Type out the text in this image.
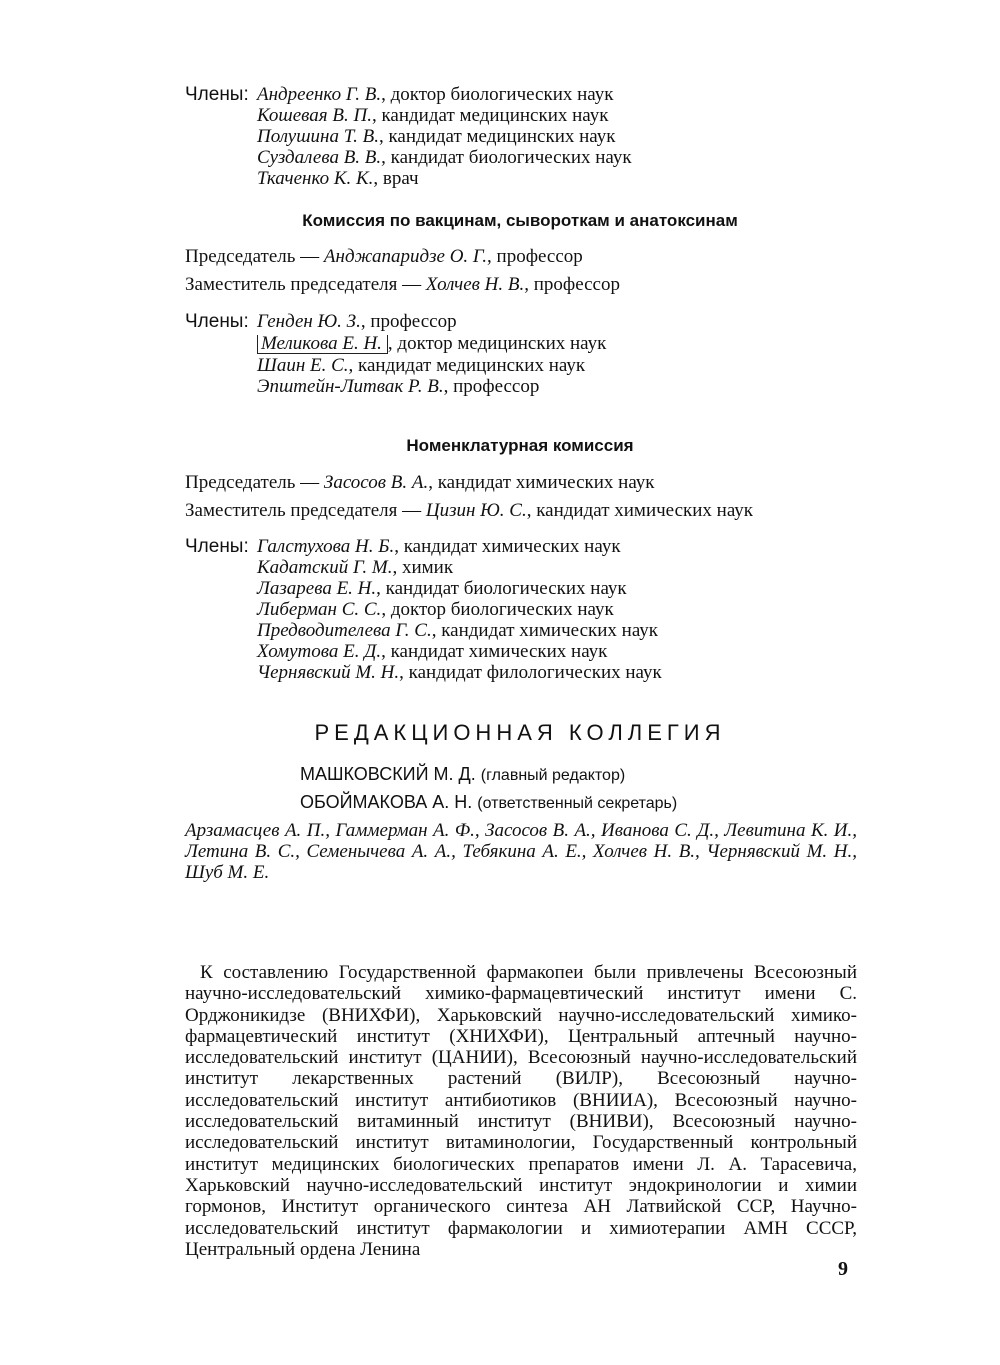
Члены: Андреенко Г. В., доктор биологических наук
Кошевая В. П., кандидат медицинских наук
Полушина Т. В., кандидат медицинских наук
Суздалева В. В., кандидат биологических наук
Ткаченко К. К., врач
Комиссия по вакцинам, сывороткам и анатоксинам
Председатель — Анджапаридзе О. Г., профессор
Заместитель председателя — Холчев Н. В., профессор
Члены: Генден Ю. З., профессор
Меликова Е. Н. , доктор медицинских наук
Шаин Е. С., кандидат медицинских наук
Эпштейн-Литвак Р. В., профессор
Номенклатурная комиссия
Председатель — Засосов В. А., кандидат химических наук
Заместитель председателя — Цизин Ю. С., кандидат химических наук
Члены: Галстухова Н. Б., кандидат химических наук
Кадатский Г. М., химик
Лазарева Е. Н., кандидат биологических наук
Либерман С. С., доктор биологических наук
Предводителева Г. С., кандидат химических наук
Хомутова Е. Д., кандидат химических наук
Чернявский М. Н., кандидат филологических наук
РЕДАКЦИОННАЯ КОЛЛЕГИЯ
МАШКОВСКИЙ М. Д. (главный редактор)
ОБОЙМАКОВА А. Н. (ответственный секретарь)
Арзамасцев А. П., Гаммерман А. Ф., Засосов В. А., Иванова С. Д., Левитина К. И., Летина В. С., Семенычева А. А., Тебякина А. Е., Холчев Н. В., Чернявский М. Н., Шуб М. Е.
К составлению Государственной фармакопеи были привлечены Всесоюзный научно-исследовательский химико-фармацевтический институт имени С. Орджоникидзе (ВНИХФИ), Харьковский научно-исследовательский химико-фармацевтический институт (ХНИХФИ), Центральный аптечный научно-исследовательский институт (ЦАНИИ), Всесоюзный научно-исследовательский институт лекарственных растений (ВИЛР), Всесоюзный научно-исследовательский институт антибиотиков (ВНИИА), Всесоюзный научно-исследовательский витаминный институт (ВНИВИ), Всесоюзный научно-исследовательский институт витаминологии, Государственный контрольный институт медицинских биологических препаратов имени Л. А. Тарасевича, Харьковский научно-исследовательский институт эндокринологии и химии гормонов, Институт органического синтеза АН Латвийской ССР, Научно-исследовательский институт фармакологии и химиотерапии АМН СССР, Центральный ордена Ленина
9
